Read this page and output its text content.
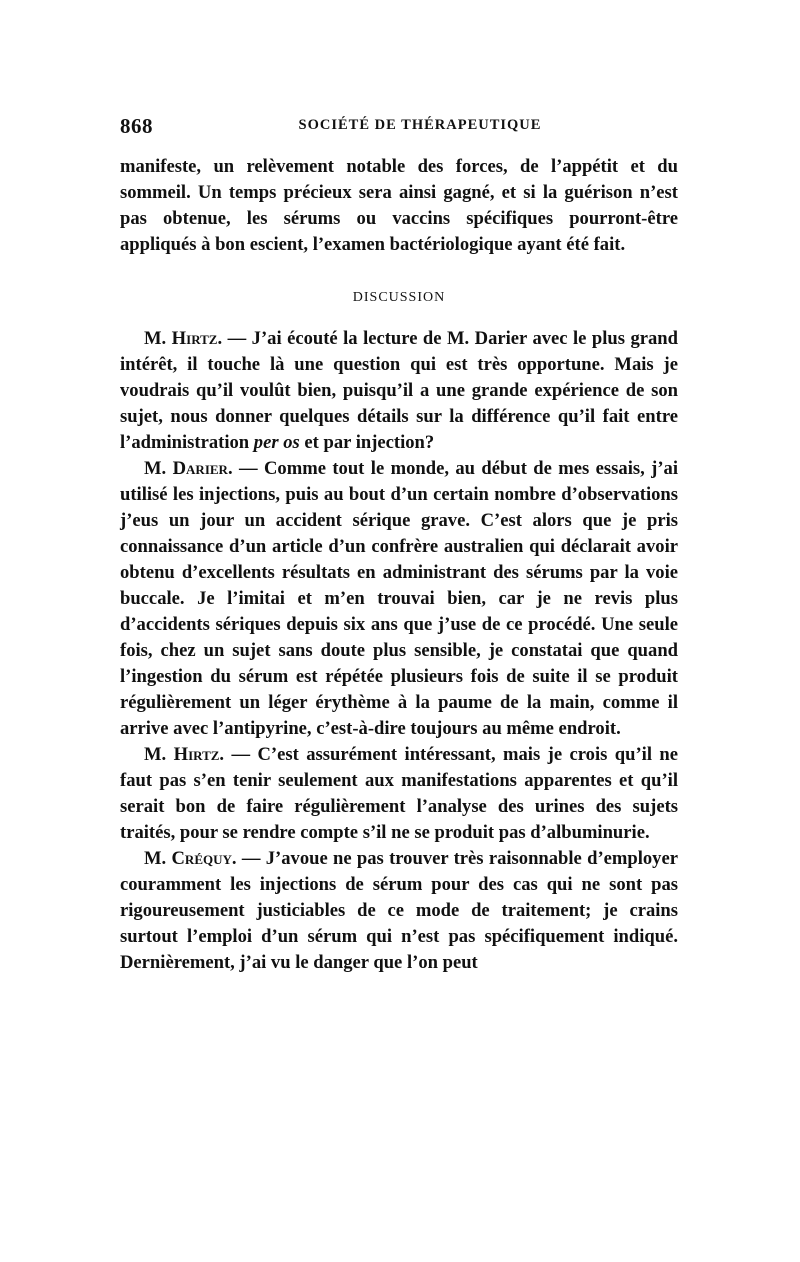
868	SOCIÉTÉ DE THÉRAPEUTIQUE

manifeste, un relèvement notable des forces, de l’appétit et du sommeil. Un temps précieux sera ainsi gagné, et si la guérison n’est pas obtenue, les sérums ou vaccins spécifiques pourront-être appliqués à bon escient, l’examen bactériologique ayant été fait.

DISCUSSION

M. Hirtz. — J’ai écouté la lecture de M. Darier avec le plus grand intérêt, il touche là une question qui est très opportune. Mais je voudrais qu’il voulût bien, puisqu’il a une grande expérience de son sujet, nous donner quelques détails sur la différence qu’il fait entre l’administration per os et par injection?

M. Darier. — Comme tout le monde, au début de mes essais, j’ai utilisé les injections, puis au bout d’un certain nombre d’observations j’eus un jour un accident sérique grave. C’est alors que je pris connaissance d’un article d’un confrère australien qui déclarait avoir obtenu d’excellents résultats en administrant des sérums par la voie buccale. Je l’imitai et m’en trouvai bien, car je ne revis plus d’accidents sériques depuis six ans que j’use de ce procédé. Une seule fois, chez un sujet sans doute plus sensible, je constatai que quand l’ingestion du sérum est répétée plusieurs fois de suite il se produit régulièrement un léger érythème à la paume de la main, comme il arrive avec l’antipyrine, c’est-à-dire toujours au même endroit.

M. Hirtz. — C’est assurément intéressant, mais je crois qu’il ne faut pas s’en tenir seulement aux manifestations apparentes et qu’il serait bon de faire régulièrement l’analyse des urines des sujets traités, pour se rendre compte s’il ne se produit pas d’albuminurie.

M. Créquy. — J’avoue ne pas trouver très raisonnable d’employer couramment les injections de sérum pour des cas qui ne sont pas rigoureusement justiciables de ce mode de traitement; je crains surtout l’emploi d’un sérum qui n’est pas spécifiquement indiqué. Dernièrement, j’ai vu le danger que l’on peut
